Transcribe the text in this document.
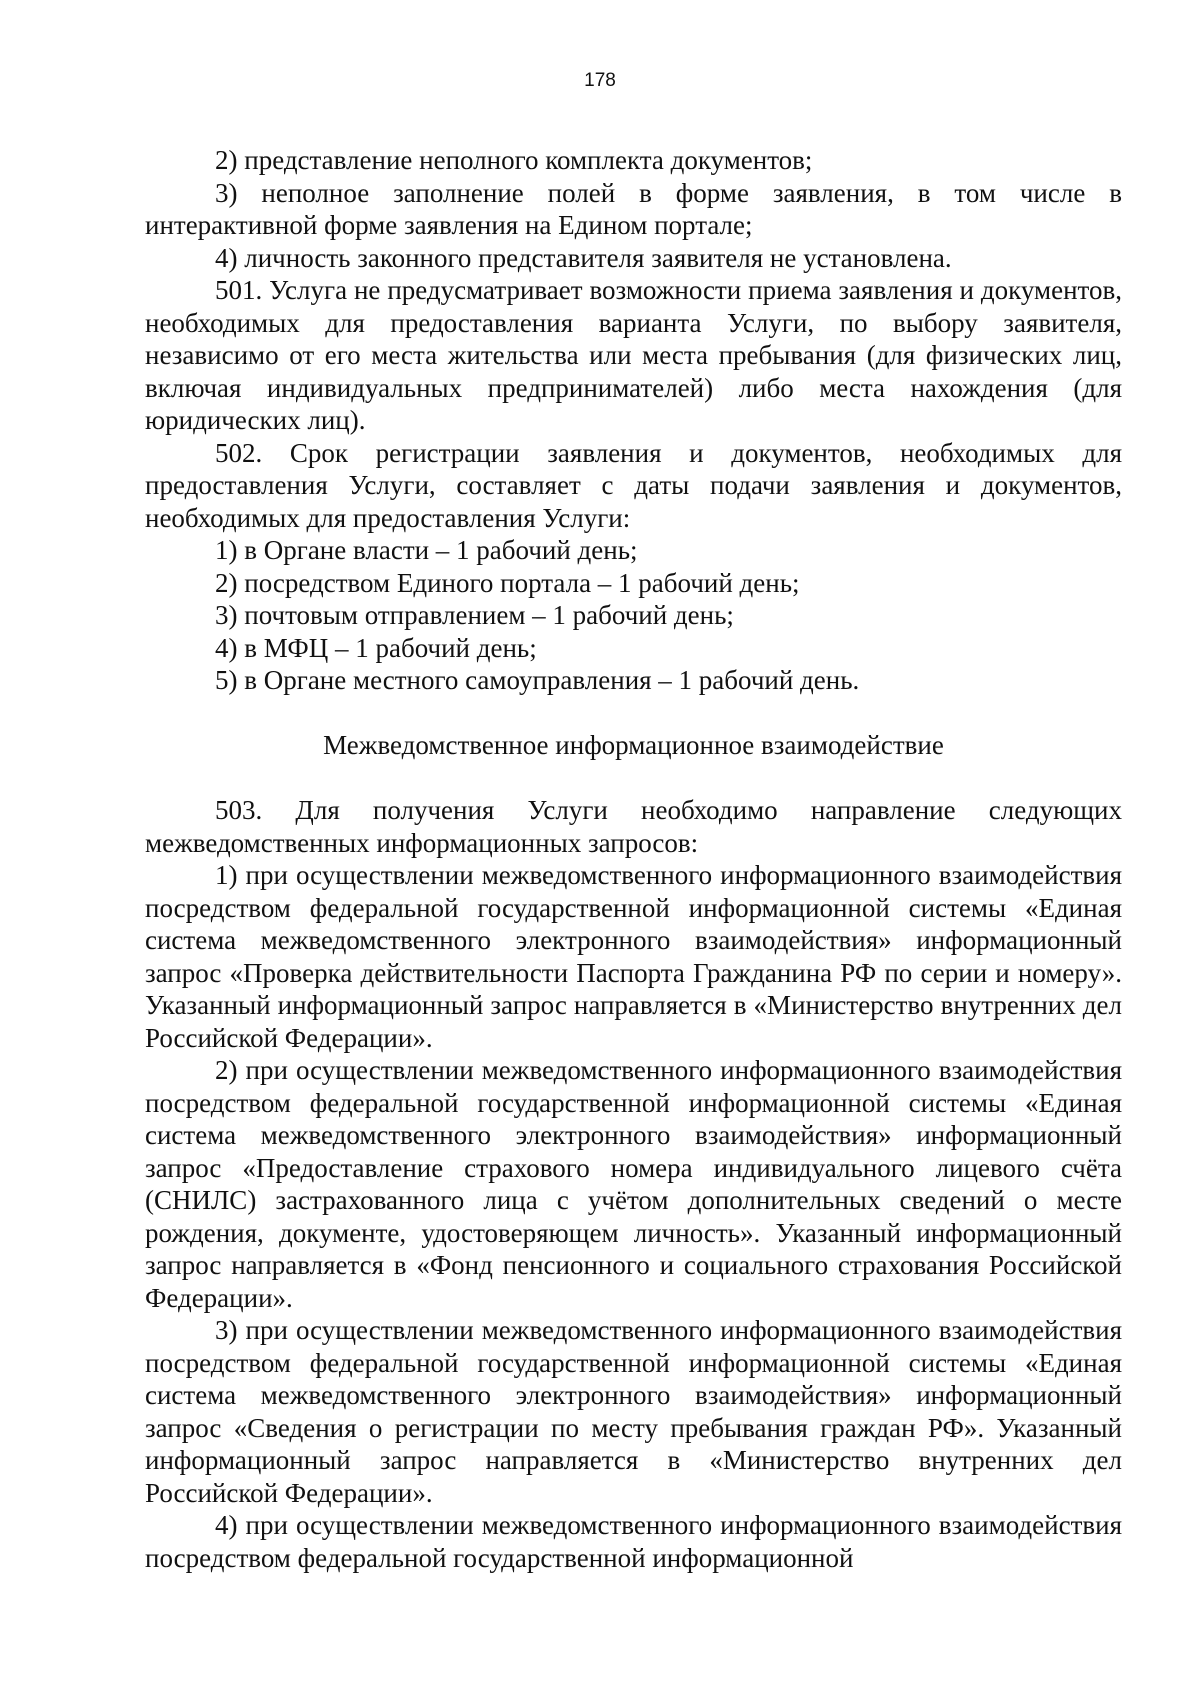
178

2) представление неполного комплекта документов;

3) неполное заполнение полей в форме заявления, в том числе в интерактивной форме заявления на Едином портале;

4) личность законного представителя заявителя не установлена.

501. Услуга не предусматривает возможности приема заявления и документов, необходимых для предоставления варианта Услуги, по выбору заявителя, независимо от его места жительства или места пребывания (для физических лиц, включая индивидуальных предпринимателей) либо места нахождения (для юридических лиц).

502. Срок регистрации заявления и документов, необходимых для предоставления Услуги, составляет с даты подачи заявления и документов, необходимых для предоставления Услуги:

1) в Органе власти – 1 рабочий день;

2) посредством Единого портала – 1 рабочий день;

3) почтовым отправлением – 1 рабочий день;

4) в МФЦ – 1 рабочий день;

5) в Органе местного самоуправления – 1 рабочий день.

Межведомственное информационное взаимодействие

503. Для получения Услуги необходимо направление следующих межведомственных информационных запросов:

1) при осуществлении межведомственного информационного взаимодействия посредством федеральной государственной информационной системы «Единая система межведомственного электронного взаимодействия» информационный запрос «Проверка действительности Паспорта Гражданина РФ по серии и номеру». Указанный информационный запрос направляется в «Министерство внутренних дел Российской Федерации».

2) при осуществлении межведомственного информационного взаимодействия посредством федеральной государственной информационной системы «Единая система межведомственного электронного взаимодействия» информационный запрос «Предоставление страхового номера индивидуального лицевого счёта (СНИЛС) застрахованного лица с учётом дополнительных сведений о месте рождения, документе, удостоверяющем личность». Указанный информационный запрос направляется в «Фонд пенсионного и социального страхования Российской Федерации».

3) при осуществлении межведомственного информационного взаимодействия посредством федеральной государственной информационной системы «Единая система межведомственного электронного взаимодействия» информационный запрос «Сведения о регистрации по месту пребывания граждан РФ». Указанный информационный запрос направляется в «Министерство внутренних дел Российской Федерации».

4) при осуществлении межведомственного информационного взаимодействия посредством федеральной государственной информационной
